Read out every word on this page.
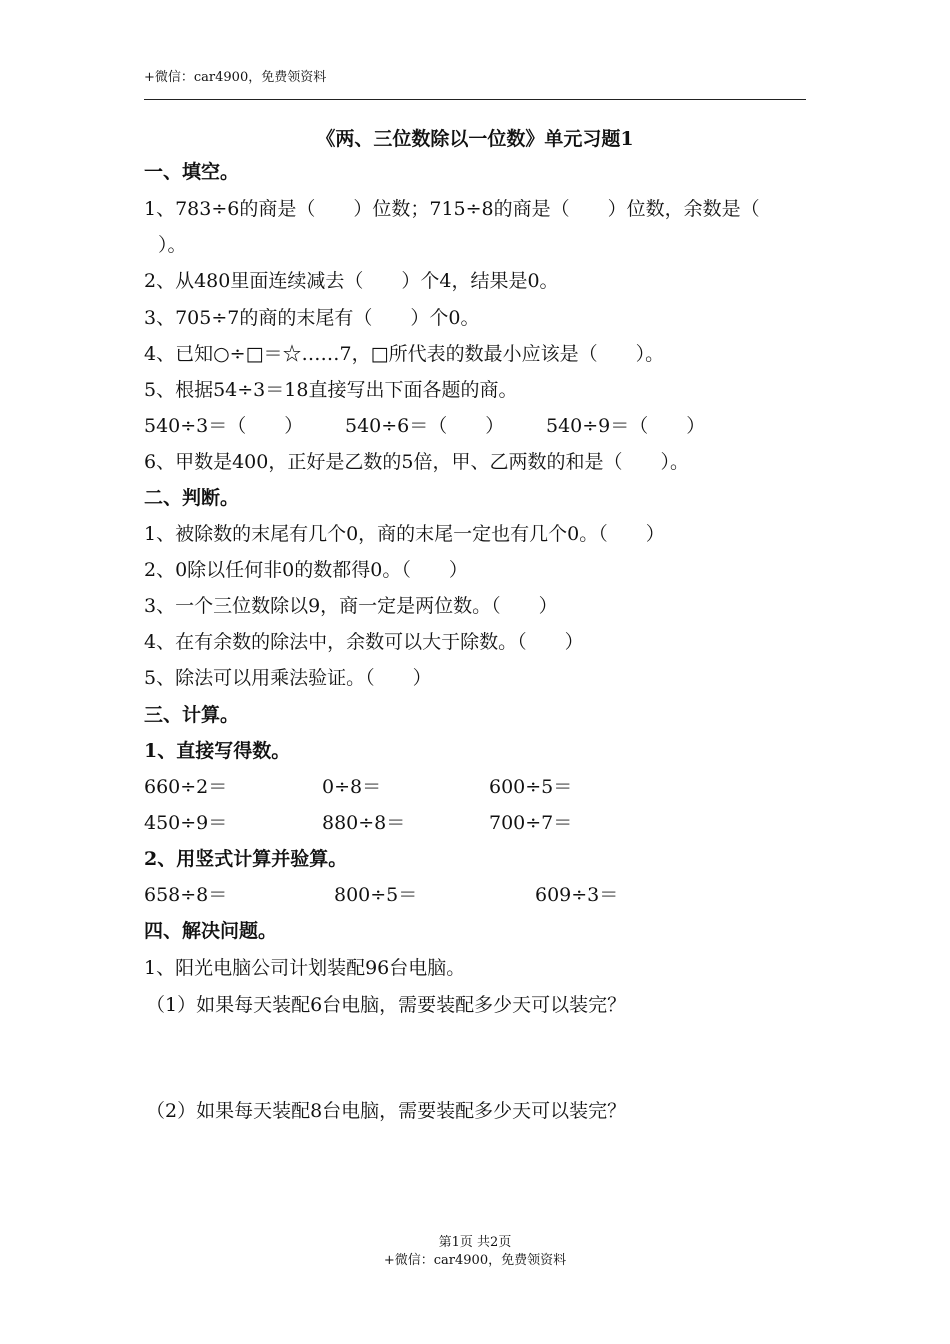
+微信：car4900，免费领资料
《两、三位数除以一位数》单元习题1
一、填空。
1、783÷6的商是（　　）位数；715÷8的商是（　　）位数，余数是（
）。
2、从480里面连续减去（　　）个4，结果是0。
3、705÷7的商的末尾有（　　）个0。
4、已知○÷□＝☆……7，□所代表的数最小应该是（　　）。
5、根据54÷3＝18直接写出下面各题的商。
540÷3＝（　　） 540÷6＝（　　） 540÷9＝（　　）
6、甲数是400，正好是乙数的5倍，甲、乙两数的和是（　　）。
二、判断。
1、被除数的末尾有几个0，商的末尾一定也有几个0。（　　）
2、0除以任何非0的数都得0。（　　）
3、一个三位数除以9，商一定是两位数。（　　）
4、在有余数的除法中，余数可以大于除数。（　　）
5、除法可以用乘法验证。（　　）
三、计算。
1、直接写得数。
660÷2＝	0÷8＝	600÷5＝
450÷9＝	880÷8＝	700÷7＝
2、用竖式计算并验算。
658÷8＝	800÷5＝	609÷3＝
四、解决问题。
1、阳光电脑公司计划装配96台电脑。
（1）如果每天装配6台电脑，需要装配多少天可以装完？
（2）如果每天装配8台电脑，需要装配多少天可以装完？
第1页 共2页
+微信：car4900，免费领资料
